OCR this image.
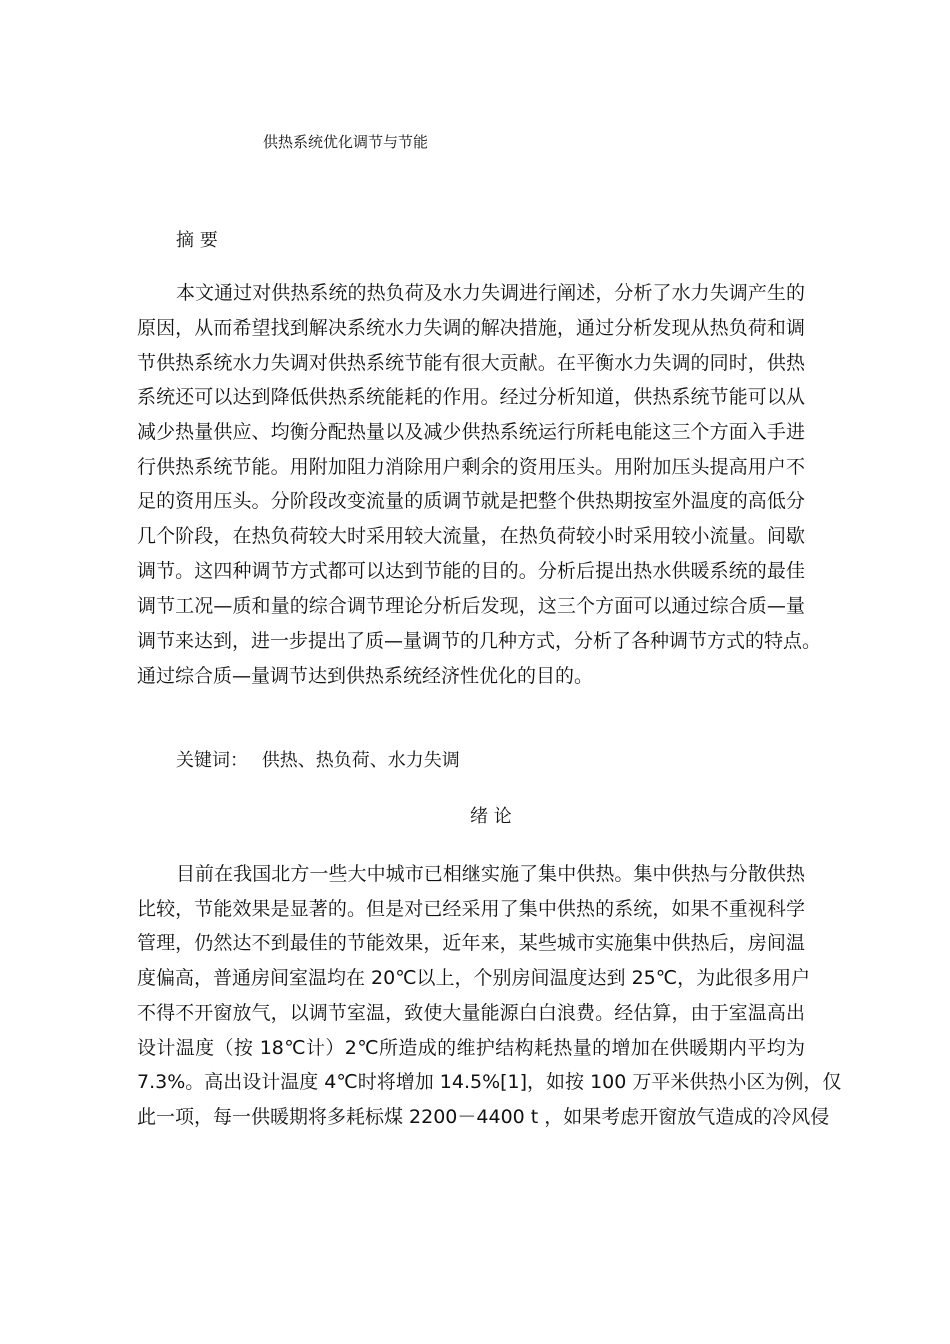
供热系统优化调节与节能
摘 要
本文通过对供热系统的热负荷及水力失调进行阐述，分析了水力失调产生的
原因，从而希望找到解决系统水力失调的解决措施，通过分析发现从热负荷和调
节供热系统水力失调对供热系统节能有很大贡献。在平衡水力失调的同时，供热
系统还可以达到降低供热系统能耗的作用。经过分析知道，供热系统节能可以从
减少热量供应、均衡分配热量以及减少供热系统运行所耗电能这三个方面入手进
行供热系统节能。用附加阻力消除用户剩余的资用压头。用附加压头提高用户不
足的资用压头。分阶段改变流量的质调节就是把整个供热期按室外温度的高低分
几个阶段，在热负荷较大时采用较大流量，在热负荷较小时采用较小流量。间歇
调节。这四种调节方式都可以达到节能的目的。分析后提出热水供暖系统的最佳
调节工况—质和量的综合调节理论分析后发现，这三个方面可以通过综合质—量
调节来达到，进一步提出了质—量调节的几种方式，分析了各种调节方式的特点。
通过综合质—量调节达到供热系统经济性优化的目的。
关键词： 供热、热负荷、水力失调
绪 论
目前在我国北方一些大中城市已相继实施了集中供热。集中供热与分散供热
比较，节能效果是显著的。但是对已经采用了集中供热的系统，如果不重视科学
管理，仍然达不到最佳的节能效果，近年来，某些城市实施集中供热后，房间温
度偏高，普通房间室温均在 20℃以上，个别房间温度达到 25℃，为此很多用户
不得不开窗放气，以调节室温，致使大量能源白白浪费。经估算，由于室温高出
设计温度（按 18℃计）2℃所造成的维护结构耗热量的增加在供暖期内平均为
7.3%。高出设计温度 4℃时将增加 14.5%[1]，如按 100 万平米供热小区为例，仅
此一项，每一供暖期将多耗标煤 2200－4400 t ，如果考虑开窗放气造成的冷风侵
